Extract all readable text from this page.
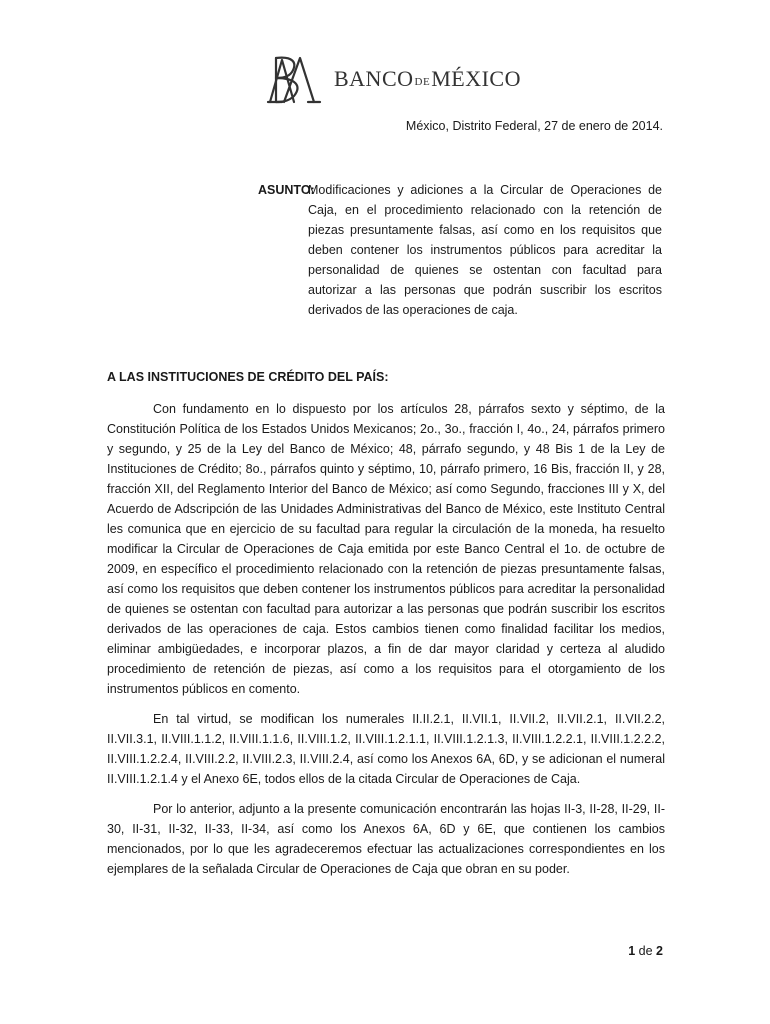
BANCODEMÉXICO
México, Distrito Federal, 27 de enero de 2014.
ASUNTO:
Modificaciones y adiciones a la Circular de Operaciones de Caja, en el procedimiento relacionado con la retención de piezas presuntamente falsas, así como en los requisitos que deben contener los instrumentos públicos para acreditar la personalidad de quienes se ostentan con facultad para autorizar a las personas que podrán suscribir los escritos derivados de las operaciones de caja.
A LAS INSTITUCIONES DE CRÉDITO DEL PAÍS:

Con fundamento en lo dispuesto por los artículos 28, párrafos sexto y séptimo, de la Constitución Política de los Estados Unidos Mexicanos; 2o., 3o., fracción I, 4o., 24, párrafos primero y segundo, y 25 de la Ley del Banco de México; 48, párrafo segundo, y 48 Bis 1 de la Ley de Instituciones de Crédito; 8o., párrafos quinto y séptimo, 10, párrafo primero, 16 Bis, fracción II, y 28, fracción XII, del Reglamento Interior del Banco de México; así como Segundo, fracciones III y X, del Acuerdo de Adscripción de las Unidades Administrativas del Banco de México, este Instituto Central les comunica que en ejercicio de su facultad para regular la circulación de la moneda, ha resuelto modificar la Circular de Operaciones de Caja emitida por este Banco Central el 1o. de octubre de 2009, en específico el procedimiento relacionado con la retención de piezas presuntamente falsas, así como los requisitos que deben contener los instrumentos públicos para acreditar la personalidad de quienes se ostentan con facultad para autorizar a las personas que podrán suscribir los escritos derivados de las operaciones de caja. Estos cambios tienen como finalidad facilitar los medios, eliminar ambigüedades, e incorporar plazos, a fin de dar mayor claridad y certeza al aludido procedimiento de retención de piezas, así como a los requisitos para el otorgamiento de los instrumentos públicos en comento.

En tal virtud, se modifican los numerales II.II.2.1, II.VII.1, II.VII.2, II.VII.2.1, II.VII.2.2, II.VII.3.1, II.VIII.1.1.2, II.VIII.1.1.6, II.VIII.1.2, II.VIII.1.2.1.1, II.VIII.1.2.1.3, II.VIII.1.2.2.1, II.VIII.1.2.2.2, II.VIII.1.2.2.4, II.VIII.2.2, II.VIII.2.3, II.VIII.2.4, así como los Anexos 6A, 6D, y se adicionan el numeral II.VIII.1.2.1.4 y el Anexo 6E, todos ellos de la citada Circular de Operaciones de Caja.

Por lo anterior, adjunto a la presente comunicación encontrarán las hojas II-3, II-28, II-29, II-30, II-31, II-32, II-33, II-34, así como los Anexos 6A, 6D y 6E, que contienen los cambios mencionados, por lo que les agradeceremos efectuar las actualizaciones correspondientes en los ejemplares de la señalada Circular de Operaciones de Caja que obran en su poder.

1 de 2
